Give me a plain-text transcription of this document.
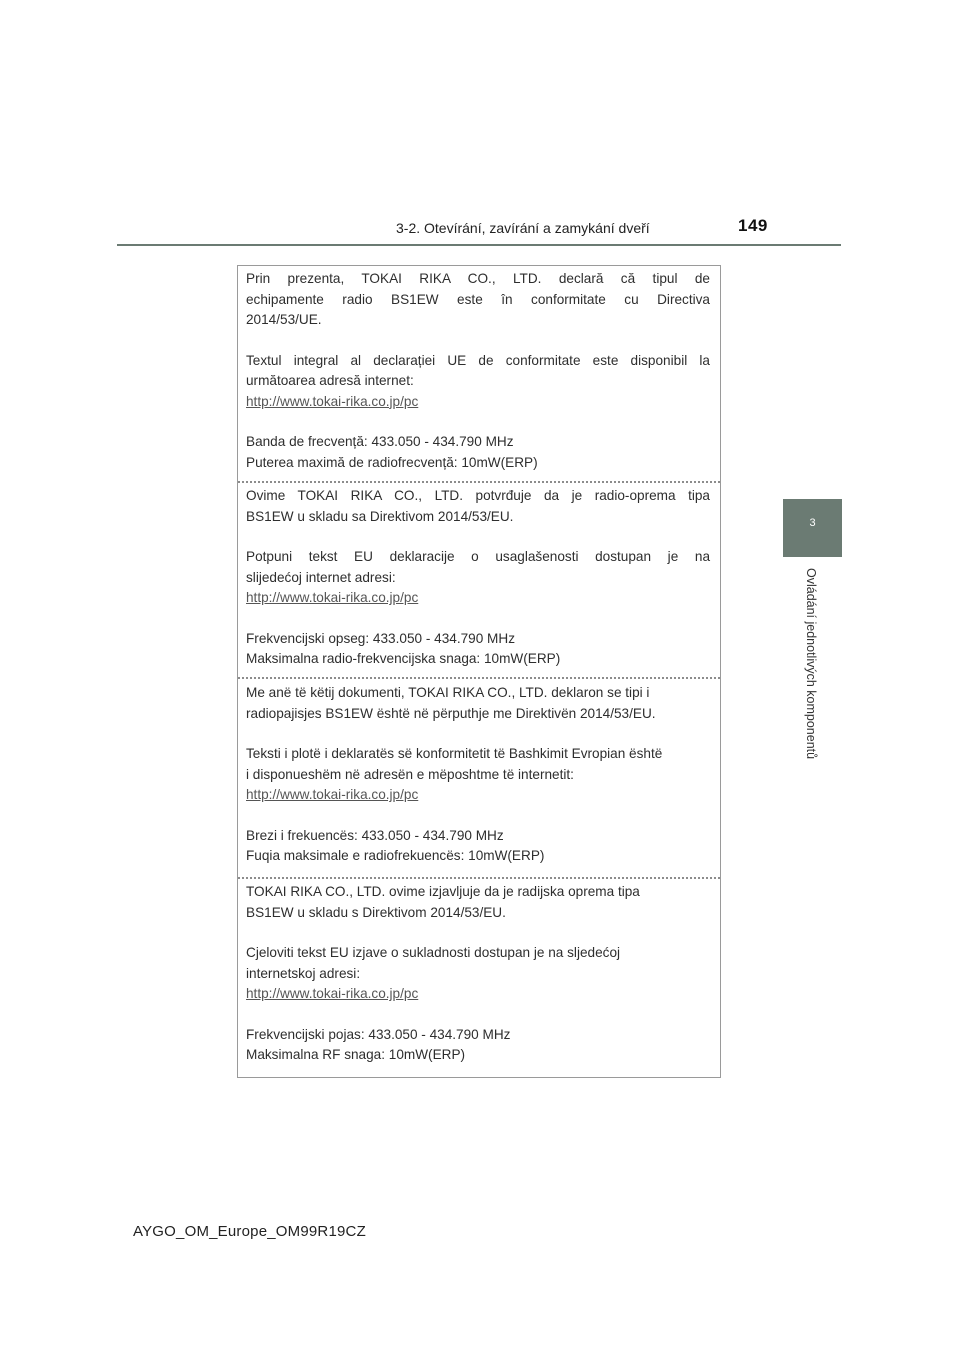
3-2. Otevírání, zavírání a zamykání dveří	149
3
Ovládání jednotlivých komponentů

Prin prezenta, TOKAI RIKA CO., LTD. declară că tipul de
echipamente radio BS1EW este în conformitate cu Directiva
2014/53/UE.

Textul integral al declarației UE de conformitate este disponibil la
următoarea adresă internet:
http://www.tokai-rika.co.jp/pc

Banda de frecvență: 433.050 - 434.790 MHz
Puterea maximă de radiofrecvență: 10mW(ERP)

Ovime TOKAI RIKA CO., LTD. potvrđuje da je radio-oprema tipa
BS1EW u skladu sa Direktivom 2014/53/EU.

Potpuni tekst EU deklaracije o usaglašenosti dostupan je na
slijedećoj internet adresi:
http://www.tokai-rika.co.jp/pc

Frekvencijski opseg: 433.050 - 434.790 MHz
Maksimalna radio-frekvencijska snaga: 10mW(ERP)

Me anë të këtij dokumenti, TOKAI RIKA CO., LTD. deklaron se tipi i
radiopajisjes BS1EW është në përputhje me Direktivën 2014/53/EU.

Teksti i plotë i deklaratës së konformitetit të Bashkimit Evropian është
i disponueshëm në adresën e mëposhtme të internetit:
http://www.tokai-rika.co.jp/pc

Brezi i frekuencës: 433.050 - 434.790 MHz
Fuqia maksimale e radiofrekuencës: 10mW(ERP)

TOKAI RIKA CO., LTD. ovime izjavljuje da je radijska oprema tipa
BS1EW u skladu s Direktivom 2014/53/EU.

Cjeloviti tekst EU izjave o sukladnosti dostupan je na sljedećoj
internetskoj adresi:
http://www.tokai-rika.co.jp/pc

Frekvencijski pojas: 433.050 - 434.790 MHz
Maksimalna RF snaga: 10mW(ERP)

AYGO_OM_Europe_OM99R19CZ
